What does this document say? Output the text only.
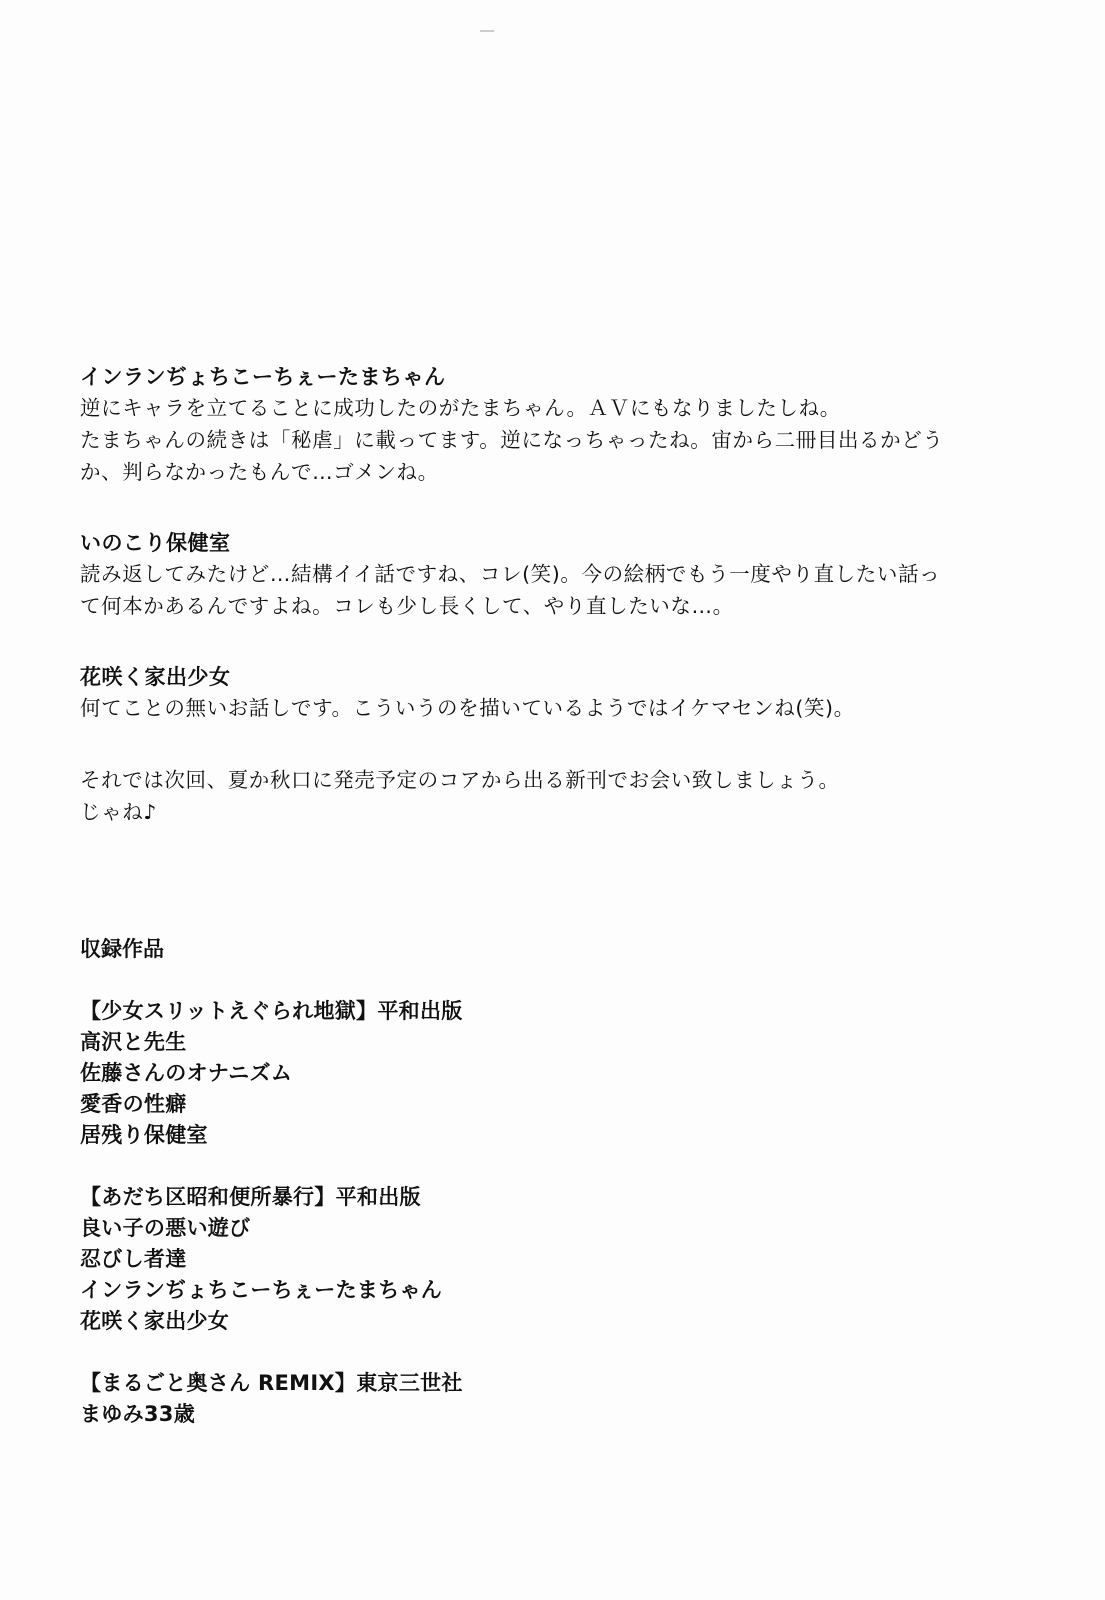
インランぢょちこーちぇーたまちゃん

逆にキャラを立てることに成功したのがたまちゃん。ＡＶにもなりましたしね。

たまちゃんの続きは「秘虐」に載ってます。逆になっちゃったね。宙から二冊目出るかどう

か、判らなかったもんで…ゴメンね。

いのこり保健室

読み返してみたけど…結構イイ話ですね、コレ(笑)。今の絵柄でもう一度やり直したい話っ

て何本かあるんですよね。コレも少し長くして、やり直したいな…。

花咲く家出少女

何てことの無いお話しです。こういうのを描いているようではイケマセンね(笑)。

それでは次回、夏か秋口に発売予定のコアから出る新刊でお会い致しましょう。

じゃね♪

収録作品

【少女スリットえぐられ地獄】平和出版

高沢と先生

佐藤さんのオナニズム

愛香の性癖

居残り保健室

【あだち区昭和便所暴行】平和出版

良い子の悪い遊び

忍びし者達

インランぢょちこーちぇーたまちゃん

花咲く家出少女

【まるごと奥さん REMIX】東京三世社

まゆみ33歳
